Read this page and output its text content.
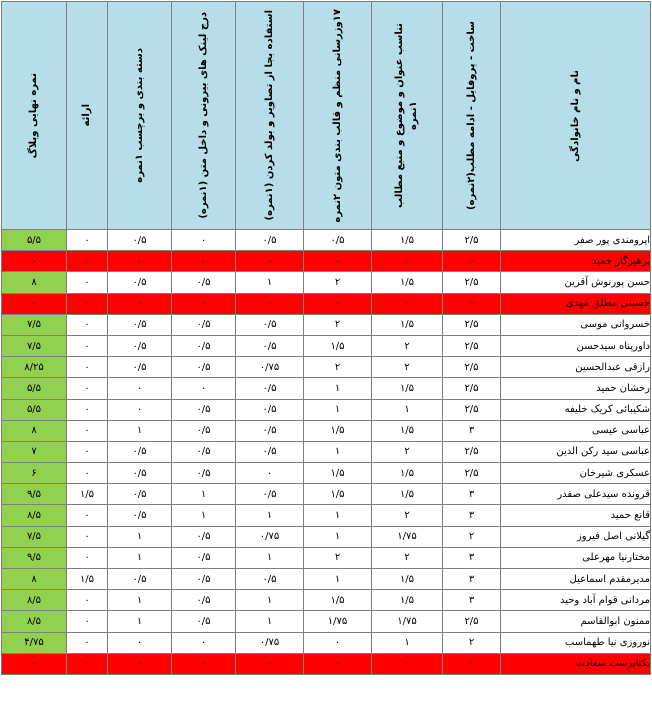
نام و نام خانوادگی	ساخت - پروفایل - ادامه مطلب(۲نمره)	تناسب عنوان و موضوع و منبع مطالب ۱نمره	۱۷وزرسانی منظم و قالب بندی متون ۲نمره	استفاده بجا از تصاویر و بولد کردن (۱نمره)	درج لینک های بیرونی و داخل متن (۱نمره)	دسته بندی و برچسب ۱نمره	ارائه	نمره نهایی وبلاگ

ایرومندی پور صفر	۲/۵	۱/۵	۰/۵	۰/۵	۰	۰/۵	۰	۵/۵
پرهیزگار حمید	-	-	-	-	-	-	-	-
حسن پورنوش آقرین	۲/۵	۱/۵	۲	۱	۰/۵	۰/۵	۰	۸
حسینی مطلق مهدی	-	-	-	-	-	-	-	-
خسروانی موسی	۲/۵	۱/۵	۲	۰/۵	۰/۵	۰/۵	۰	۷/۵
داورپناه سیدحسن	۲/۵	۲	۱/۵	۰/۵	۰/۵	۰/۵	۰	۷/۵
رازقی عبدالحسین	۲/۵	۲	۲	۰/۷۵	۰/۵	۰/۵	۰	۸/۲۵
رخشان حمید	۲/۵	۱/۵	۱	۰/۵	۰	۰	۰	۵/۵
شکیبائی کریک خلیفه	۲/۵	۱	۱	۰/۵	۰/۵	۰	۰	۵/۵
عباسی عیسی	۳	۱/۵	۱/۵	۰/۵	۰/۵	۱	۰	۸
عباسی سید رکن الدین	۲/۵	۲	۱	۰/۵	۰/۵	۰/۵	۰	۷
عسکری شیرخان	۲/۵	۱/۵	۱/۵	۰	۰/۵	۰/۵	۰	۶
قرونده سیدعلی صفدر	۳	۱/۵	۱/۵	۰/۵	۱	۰/۵	۱/۵	۹/۵
قانع حمید	۳	۲	۱	۱	۱	۰/۵	۰	۸/۵
گیلانی اصل فیروز	۲	۱/۷۵	۱	۰/۷۵	۰/۵	۱	۰	۷/۵
مختارنیا مهرعلی	۳	۲	۲	۱	۰/۵	۱	۰	۹/۵
مدیرمقدم اسماعیل	۳	۱/۵	۱	۰/۵	۰/۵	۰/۵	۱/۵	۸
مردانی قوام آباد وحید	۳	۱/۵	۱/۵	۱	۰/۵	۱	۰	۸/۵
ممنون ابوالقاسم	۲/۵	۱/۷۵	۱/۷۵	۱	۰/۵	۱	۰	۸/۵
نوروزی نیا طهماسب	۲	۱	۰	۰/۷۵	۰	۰	۰	۴/۷۵
یکتاپرست سعادت	-	-	-	-	-	-	-	-
